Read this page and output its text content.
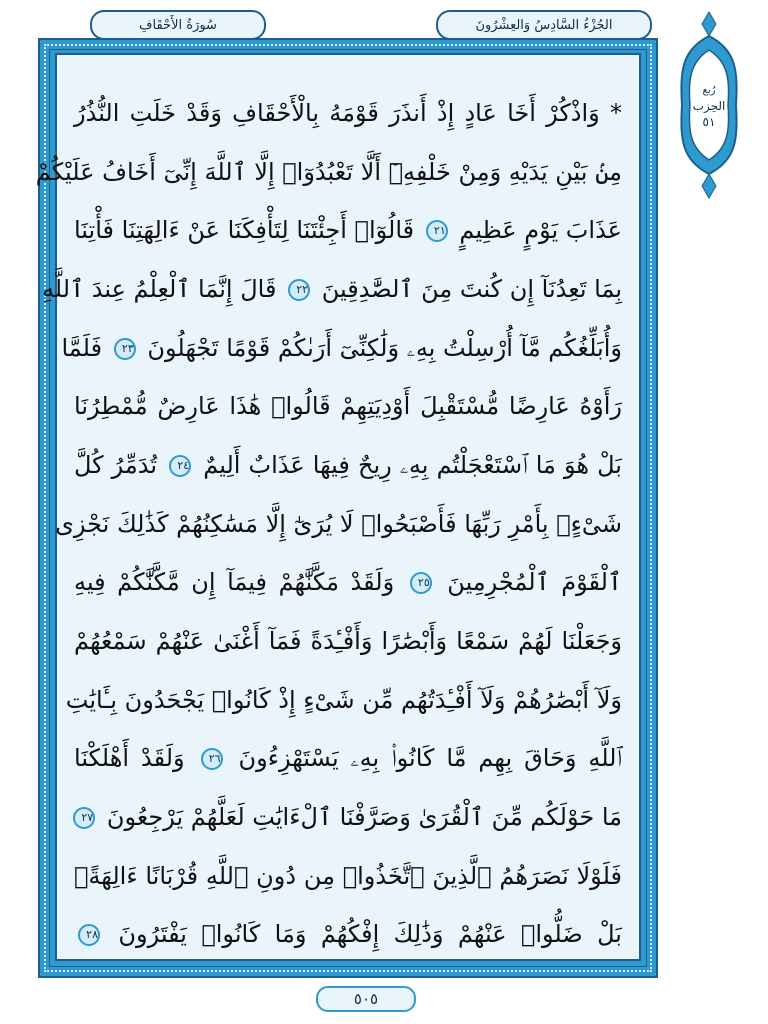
الجُزْءُ السَّادِسُ وَالعِشْرُونَ
سُورَةُ الأَحْقَافِ
رُبع
الحِزب
٥١
* وَاذْكُرْ أَخَا عَادٍ إِذْ أَنذَرَ قَوْمَهُ بِالْأَحْقَافِ وَقَدْ خَلَتِ النُّذُرُ
مِنۢ بَيْنِ يَدَيْهِ وَمِنْ خَلْفِهِۦٓ أَلَّا تَعْبُدُوٓا۟ إِلَّا ٱللَّهَ إِنِّىٓ أَخَافُ عَلَيْكُمْ
عَذَابَ يَوْمٍ عَظِيمٍ ٢١ قَالُوٓا۟ أَجِئْتَنَا لِتَأْفِكَنَا عَنْ ءَالِهَتِنَا فَأْتِنَا
بِمَا تَعِدُنَآ إِن كُنتَ مِنَ ٱلصَّٰدِقِينَ ٢٢ قَالَ إِنَّمَا ٱلْعِلْمُ عِندَ ٱللَّهِ
وَأُبَلِّغُكُم مَّآ أُرْسِلْتُ بِهِۦ وَلَٰكِنِّىٓ أَرَىٰكُمْ قَوْمًا تَجْهَلُونَ ٢٣ فَلَمَّا
رَأَوْهُ عَارِضًا مُّسْتَقْبِلَ أَوْدِيَتِهِمْ قَالُوا۟ هَٰذَا عَارِضٌ مُّمْطِرُنَا
بَلْ هُوَ مَا ٱسْتَعْجَلْتُم بِهِۦ رِيحٌ فِيهَا عَذَابٌ أَلِيمٌ ٢٤ تُدَمِّرُ كُلَّ
شَىْءٍۭ بِأَمْرِ رَبِّهَا فَأَصْبَحُوا۟ لَا يُرَىٰٓ إِلَّا مَسَٰكِنُهُمْ كَذَٰلِكَ نَجْزِى
ٱلْقَوْمَ ٱلْمُجْرِمِينَ ٢٥ وَلَقَدْ مَكَّنَّٰهُمْ فِيمَآ إِن مَّكَّنَّٰكُمْ فِيهِ
وَجَعَلْنَا لَهُمْ سَمْعًا وَأَبْصَٰرًا وَأَفْـِٔدَةً فَمَآ أَغْنَىٰ عَنْهُمْ سَمْعُهُمْ
وَلَآ أَبْصَٰرُهُمْ وَلَآ أَفْـِٔدَتُهُم مِّن شَىْءٍ إِذْ كَانُوا۟ يَجْحَدُونَ بِـَٔايَٰتِ
ٱللَّهِ وَحَاقَ بِهِم مَّا كَانُوا۟ بِهِۦ يَسْتَهْزِءُونَ ٢٦ وَلَقَدْ أَهْلَكْنَا
مَا حَوْلَكُم مِّنَ ٱلْقُرَىٰ وَصَرَّفْنَا ٱلْءَايَٰتِ لَعَلَّهُمْ يَرْجِعُونَ ٢٧
فَلَوْلَا نَصَرَهُمُ ٱلَّذِينَ ٱتَّخَذُوا۟ مِن دُونِ ٱللَّهِ قُرْبَانًا ءَالِهَةًۢ
بَلْ ضَلُّوا۟ عَنْهُمْ وَذَٰلِكَ إِفْكُهُمْ وَمَا كَانُوا۟ يَفْتَرُونَ ٢٨
٥٠٥
